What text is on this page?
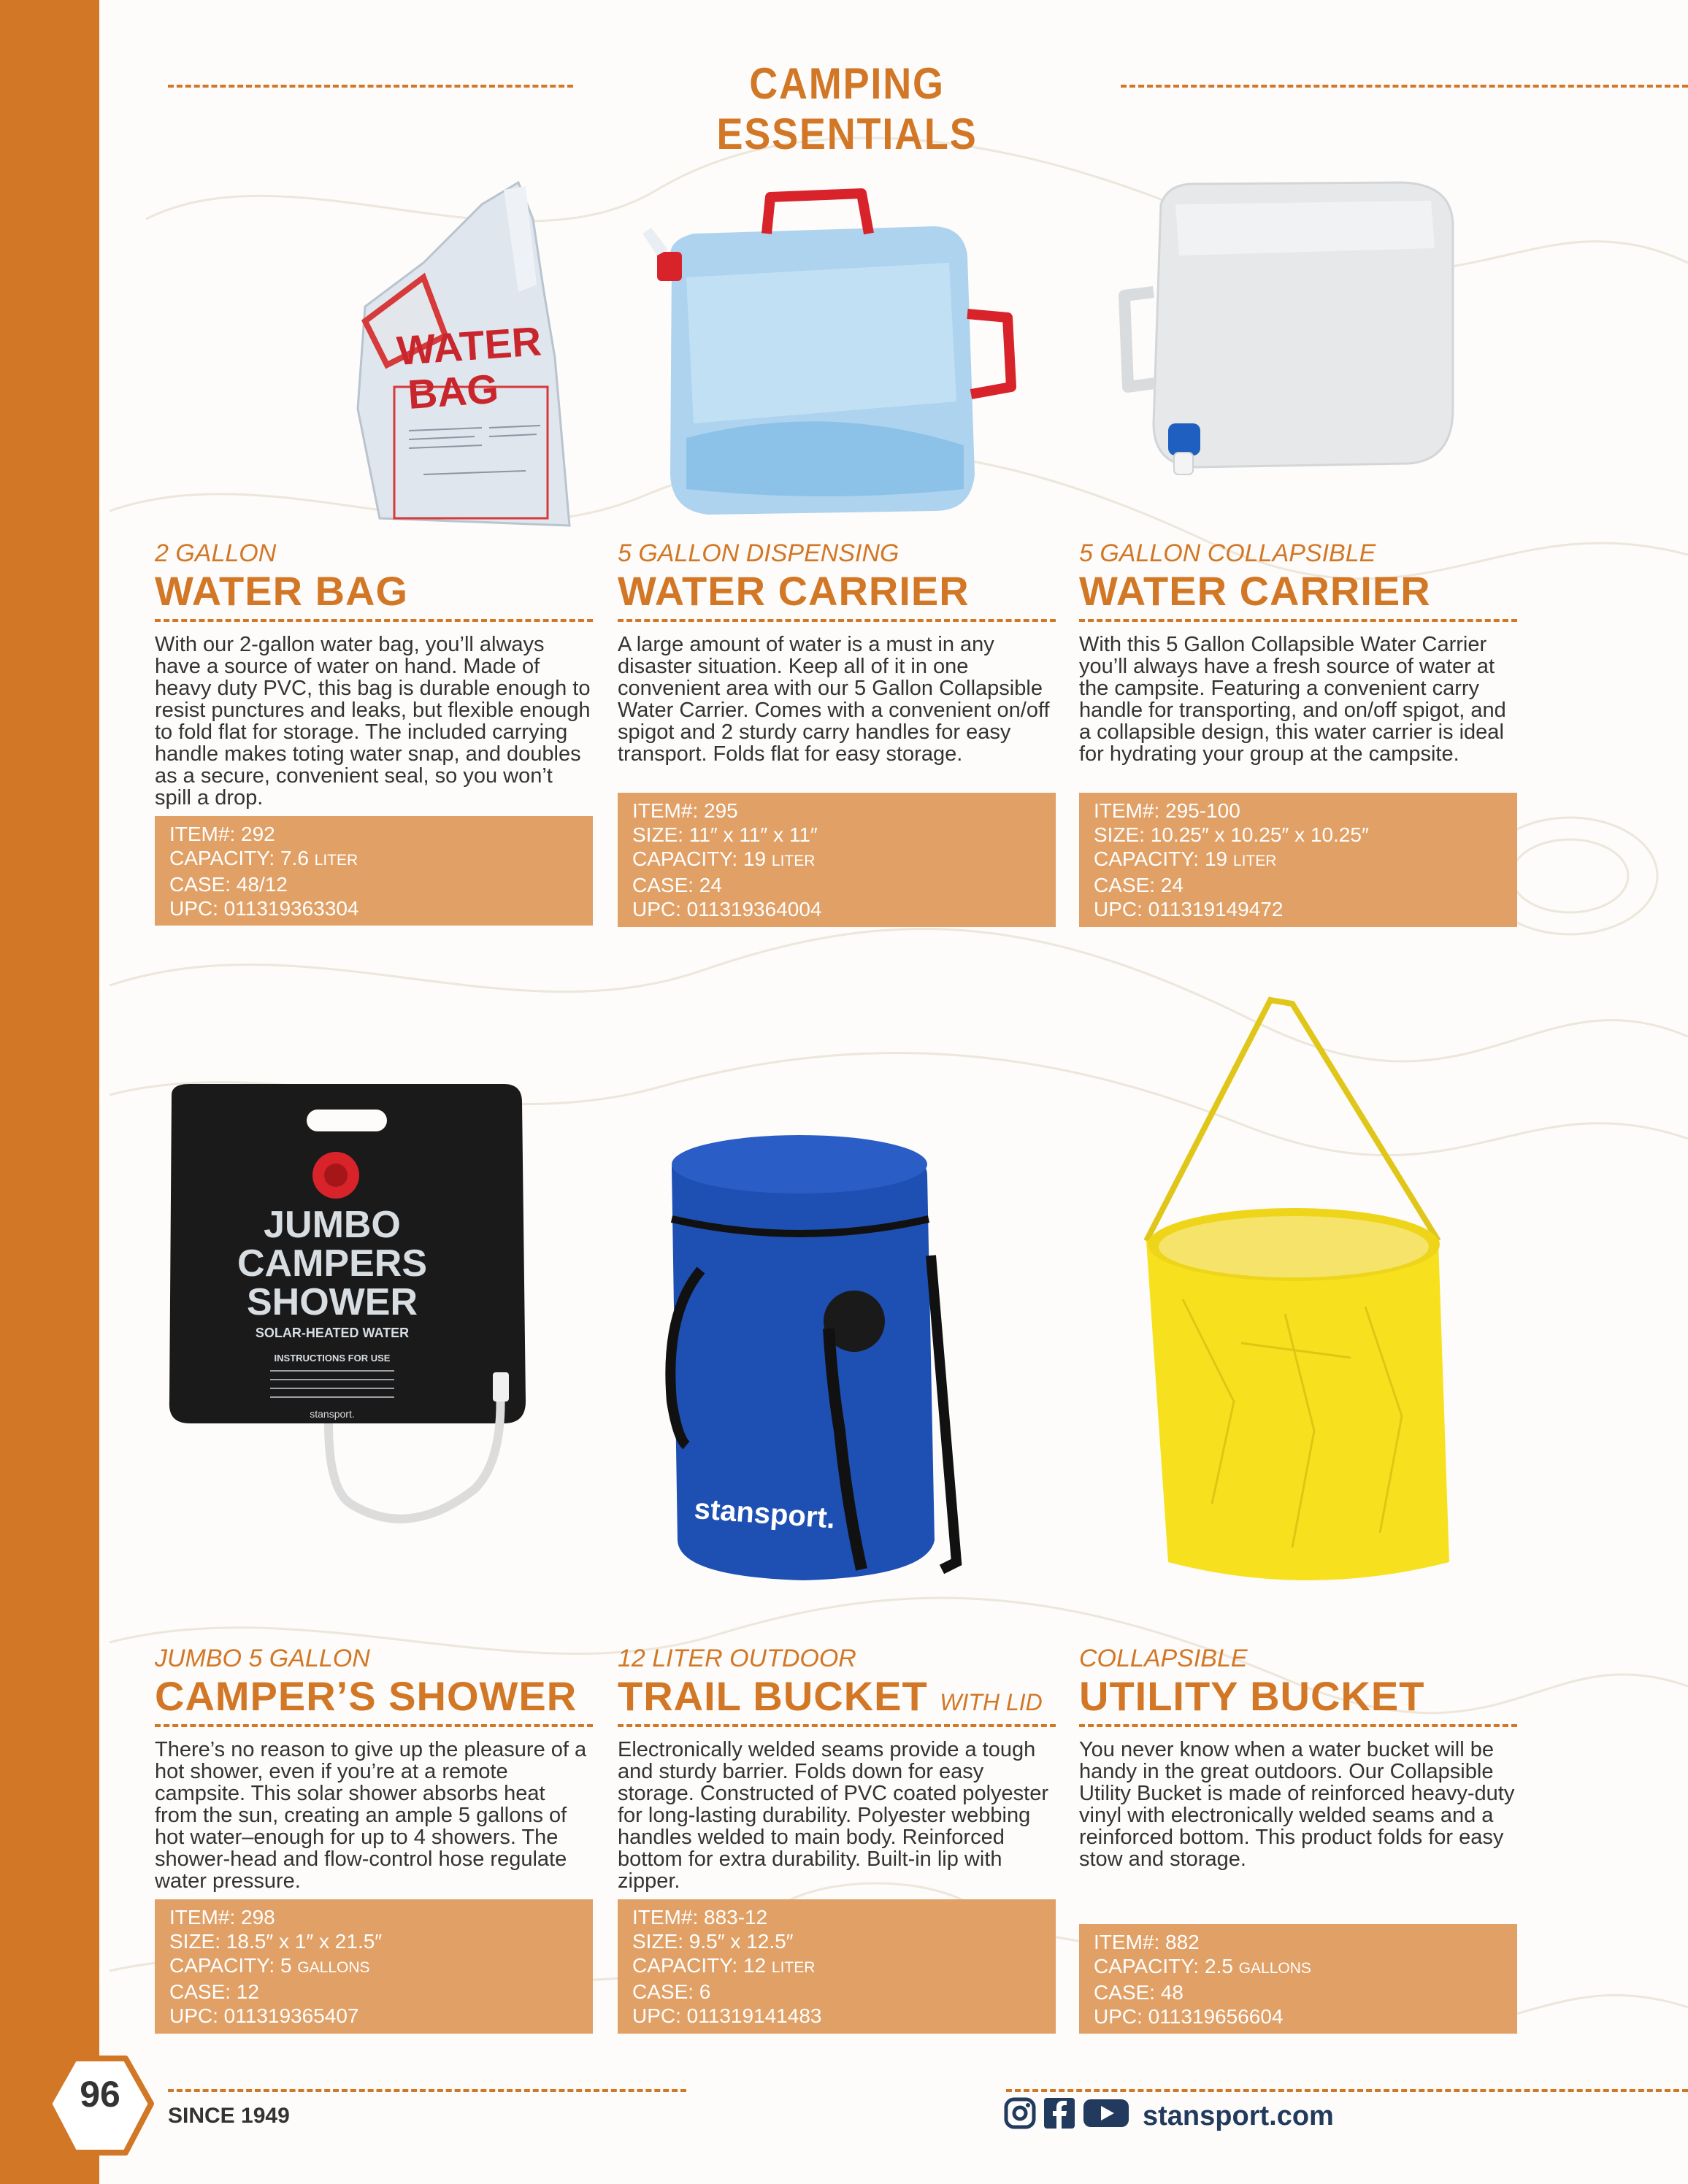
CAMPING ESSENTIALS
WATER
BAG
JUMBO
CAMPERS
SHOWER
SOLAR-HEATED WATER
INSTRUCTIONS FOR USE
stansport.
stansport.
2 GALLON
WATER BAG
With our 2-gallon water bag, you’ll always have a source of water on hand. Made of heavy duty PVC, this bag is durable enough to resist punctures and leaks, but flexible enough to fold flat for storage. The included carrying handle makes toting water snap, and doubles as a secure, convenient seal, so you won’t spill a drop.
ITEM#: 292
CAPACITY: 7.6 LITER
CASE: 48/12
UPC: 011319363304
5 GALLON DISPENSING
WATER CARRIER
A large amount of water is a must in any disaster situation. Keep all of it in one convenient area with our 5 Gallon Collapsible Water Carrier. Comes with a convenient on/off spigot and 2 sturdy carry handles for easy transport. Folds flat for easy storage.
ITEM#: 295
SIZE: 11″ x 11″ x 11″
CAPACITY: 19 LITER
CASE: 24
UPC: 011319364004
5 GALLON COLLAPSIBLE
WATER CARRIER
With this 5 Gallon Collapsible Water Carrier you’ll always have a fresh source of water at the campsite. Featuring a convenient carry handle for transporting, and on/off spigot, and a collapsible design, this water carrier is ideal for hydrating your group at the campsite.
ITEM#: 295-100
SIZE: 10.25″ x 10.25″ x 10.25″
CAPACITY: 19 LITER
CASE: 24
UPC: 011319149472
JUMBO 5 GALLON
CAMPER’S SHOWER
There’s no reason to give up the pleasure of a hot shower, even if you’re at a remote campsite. This solar shower absorbs heat from the sun, creating an ample 5 gallons of hot water–enough for up to 4 showers. The shower-head and flow-control hose regulate water pressure.
ITEM#: 298
SIZE: 18.5″ x 1″ x 21.5″
CAPACITY: 5 GALLONS
CASE: 12
UPC: 011319365407
12 LITER OUTDOOR
TRAIL BUCKET WITH LID
Electronically welded seams provide a tough and sturdy barrier. Folds down for easy storage. Constructed of PVC coated polyester for long-lasting durability. Polyester webbing handles welded to main body. Reinforced bottom for extra durability. Built-in lip with zipper.
ITEM#: 883-12
SIZE: 9.5″ x 12.5″
CAPACITY: 12 LITER
CASE: 6
UPC: 011319141483
COLLAPSIBLE
UTILITY BUCKET
You never know when a water bucket will be handy in the great outdoors. Our Collapsible Utility Bucket is made of reinforced heavy-duty vinyl with electronically welded seams and a reinforced bottom. This product folds for easy stow and storage.
ITEM#: 882
CAPACITY: 2.5 GALLONS
CASE: 48
UPC: 011319656604
96
SINCE 1949	stansport.com
